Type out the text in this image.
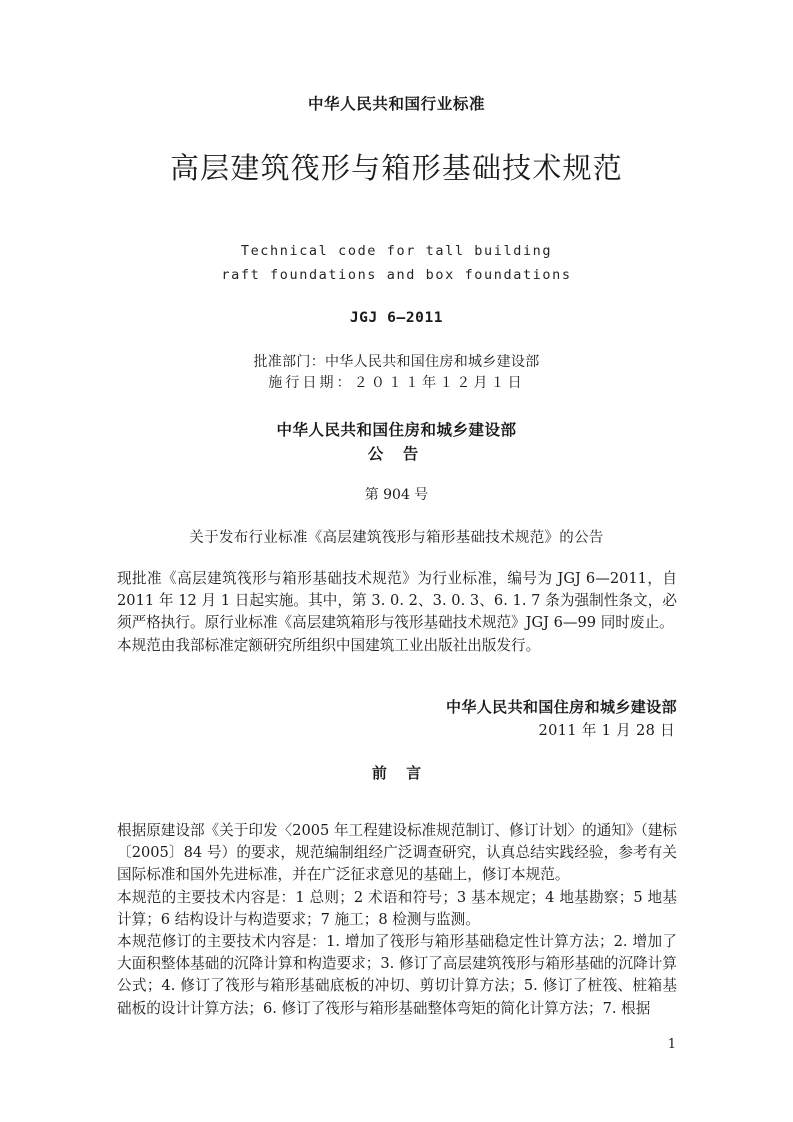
中华人民共和国行业标准
高层建筑筏形与箱形基础技术规范
Technical code for tall building
raft foundations and box foundations
JGJ 6—2011
批准部门：中华人民共和国住房和城乡建设部
施行日期：２０１１年１２月１日
中华人民共和国住房和城乡建设部
公 告
第 904 号
关于发布行业标准《高层建筑筏形与箱形基础技术规范》的公告

现批准《高层建筑筏形与箱形基础技术规范》为行业标准，编号为 JGJ 6—2011，自 2011 年 12 月 1 日起实施。其中，第 3. 0. 2、3. 0. 3、6. 1. 7 条为强制性条文，必须严格执行。原行业标准《高层建筑箱形与筏形基础技术规范》JGJ 6—99 同时废止。

本规范由我部标准定额研究所组织中国建筑工业出版社出版发行。

中华人民共和国住房和城乡建设部
2011 年 1 月 28 日
前 言

根据原建设部《关于印发〈2005 年工程建设标准规范制订、修订计划〉的通知》（建标〔2005〕84 号）的要求，规范编制组经广泛调查研究，认真总结实践经验，参考有关国际标准和国外先进标准，并在广泛征求意见的基础上，修订本规范。

本规范的主要技术内容是：1 总则；2 术语和符号；3 基本规定；4 地基勘察；5 地基计算；6 结构设计与构造要求；7 施工；8 检测与监测。

本规范修订的主要技术内容是：1. 增加了筏形与箱形基础稳定性计算方法；2. 增加了大面积整体基础的沉降计算和构造要求；3. 修订了高层建筑筏形与箱形基础的沉降计算公式；4. 修订了筏形与箱形基础底板的冲切、剪切计算方法；5. 修订了桩筏、桩箱基础板的设计计算方法；6. 修订了筏形与箱形基础整体弯矩的简化计算方法；7. 根据

1
